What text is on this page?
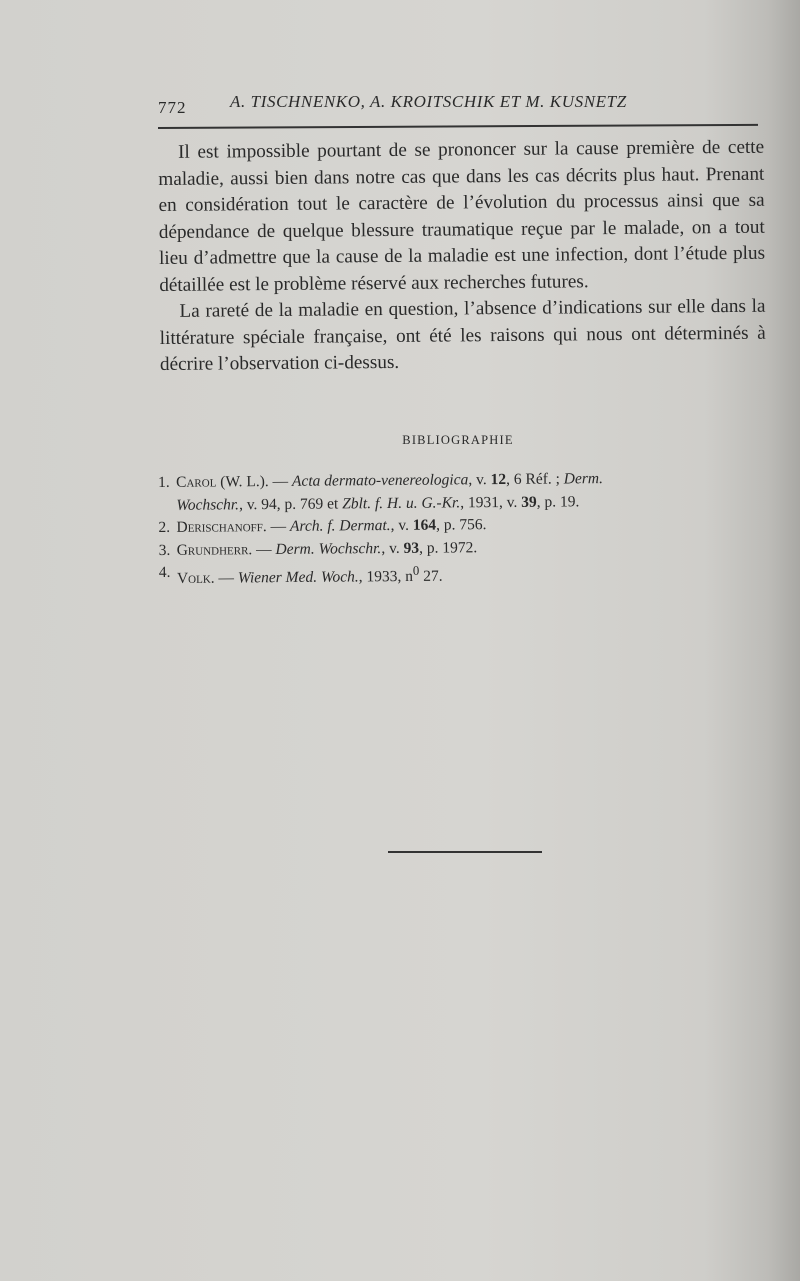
772	A. TISCHNENKO, A. KROITSCHIK ET M. KUSNETZ

Il est impossible pourtant de se prononcer sur la cause première de cette maladie, aussi bien dans notre cas que dans les cas décrits plus haut. Prenant en considération tout le caractère de l’évolution du processus ainsi que sa dépendance de quelque blessure traumatique reçue par le malade, on a tout lieu d’admettre que la cause de la maladie est une infection, dont l’étude plus détaillée est le problème réservé aux recherches futures.

La rareté de la maladie en question, l’absence d’indications sur elle dans la littérature spéciale française, ont été les raisons qui nous ont déterminés à décrire l’observation ci-dessus.

BIBLIOGRAPHIE
1. Carol (W. L.). — Acta dermato-venereologica, v. 12, 6 Réf. ; Derm.
Wochschr., v. 94, p. 769 et Zblt. f. H. u. G.-Kr., 1931, v. 39, p. 19.
2. Derischanoff. — Arch. f. Dermat., v. 164, p. 756.
3. Grundherr. — Derm. Wochschr., v. 93, p. 1972.
4. Volk. — Wiener Med. Woch., 1933, $n^0$ 27.
